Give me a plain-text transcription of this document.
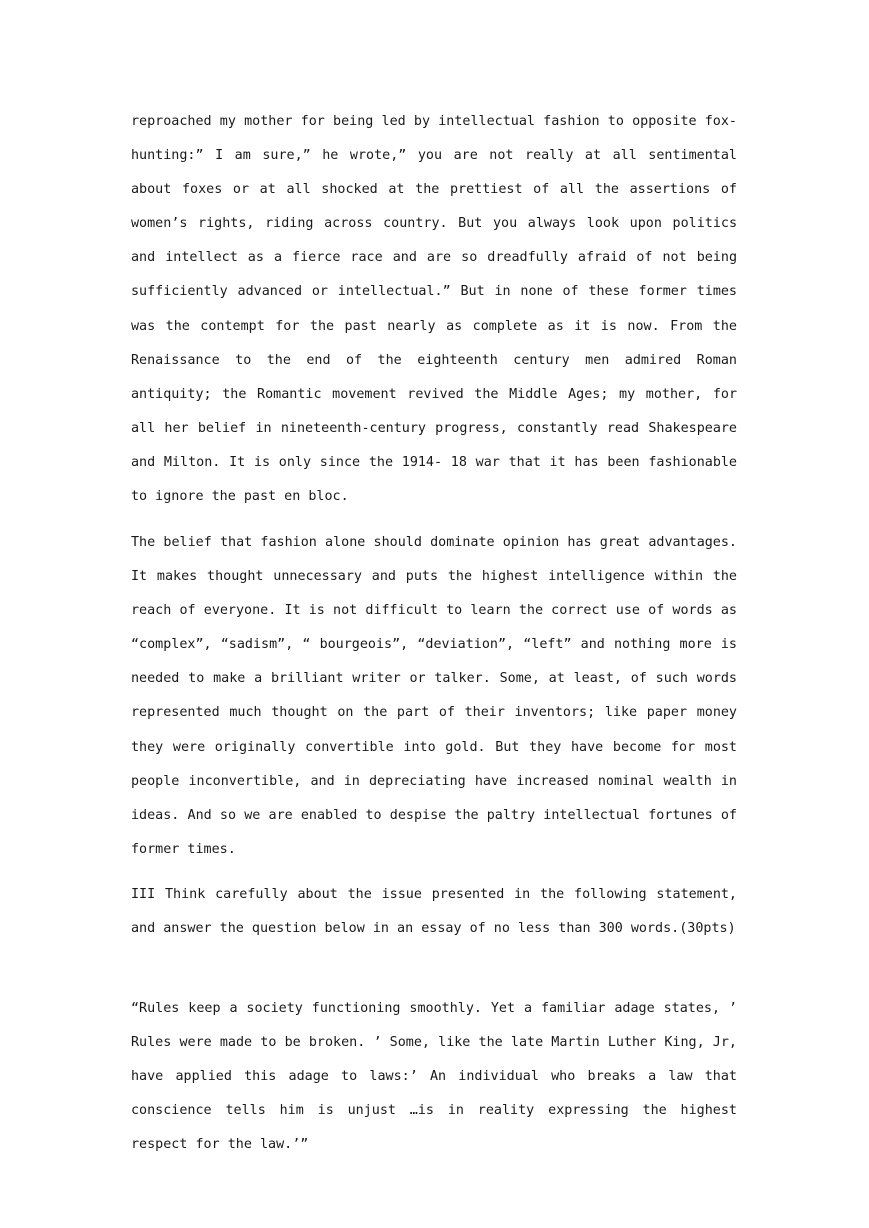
reproached my mother for being led by intellectual fashion to opposite fox-hunting:” I am sure,” he wrote,” you are not really at all sentimental about foxes or at all shocked at the prettiest of all the assertions of women’s rights, riding across country. But you always look upon politics and intellect as a fierce race and are so dreadfully afraid of not being sufficiently advanced or intellectual.” But in none of these former times was the contempt for the past nearly as complete as it is now. From the Renaissance to the end of the eighteenth century men admired Roman antiquity; the Romantic movement revived the Middle Ages; my mother, for all her belief in nineteenth-century progress, constantly read Shakespeare and Milton. It is only since the 1914- 18 war that it has been fashionable to ignore the past en bloc.

The belief that fashion alone should dominate opinion has great advantages. It makes thought unnecessary and puts the highest intelligence within the reach of everyone. It is not difficult to learn the correct use of words as “complex”, “sadism”, “ bourgeois”, “deviation”, “left” and nothing more is needed to make a brilliant writer or talker. Some, at least, of such words represented much thought on the part of their inventors; like paper money they were originally convertible into gold. But they have become for most people inconvertible, and in depreciating have increased nominal wealth in ideas. And so we are enabled to despise the paltry intellectual fortunes of former times.

III Think carefully about the issue presented in the following statement, and answer the question below in an essay of no less than 300 words.(30pts)

“Rules keep a society functioning smoothly. Yet a familiar adage states, ’ Rules were made to be broken. ’ Some, like the late Martin Luther King, Jr, have applied this adage to laws:’ An individual who breaks a law that conscience tells him is unjust …is in reality expressing the highest respect for the law.’”
